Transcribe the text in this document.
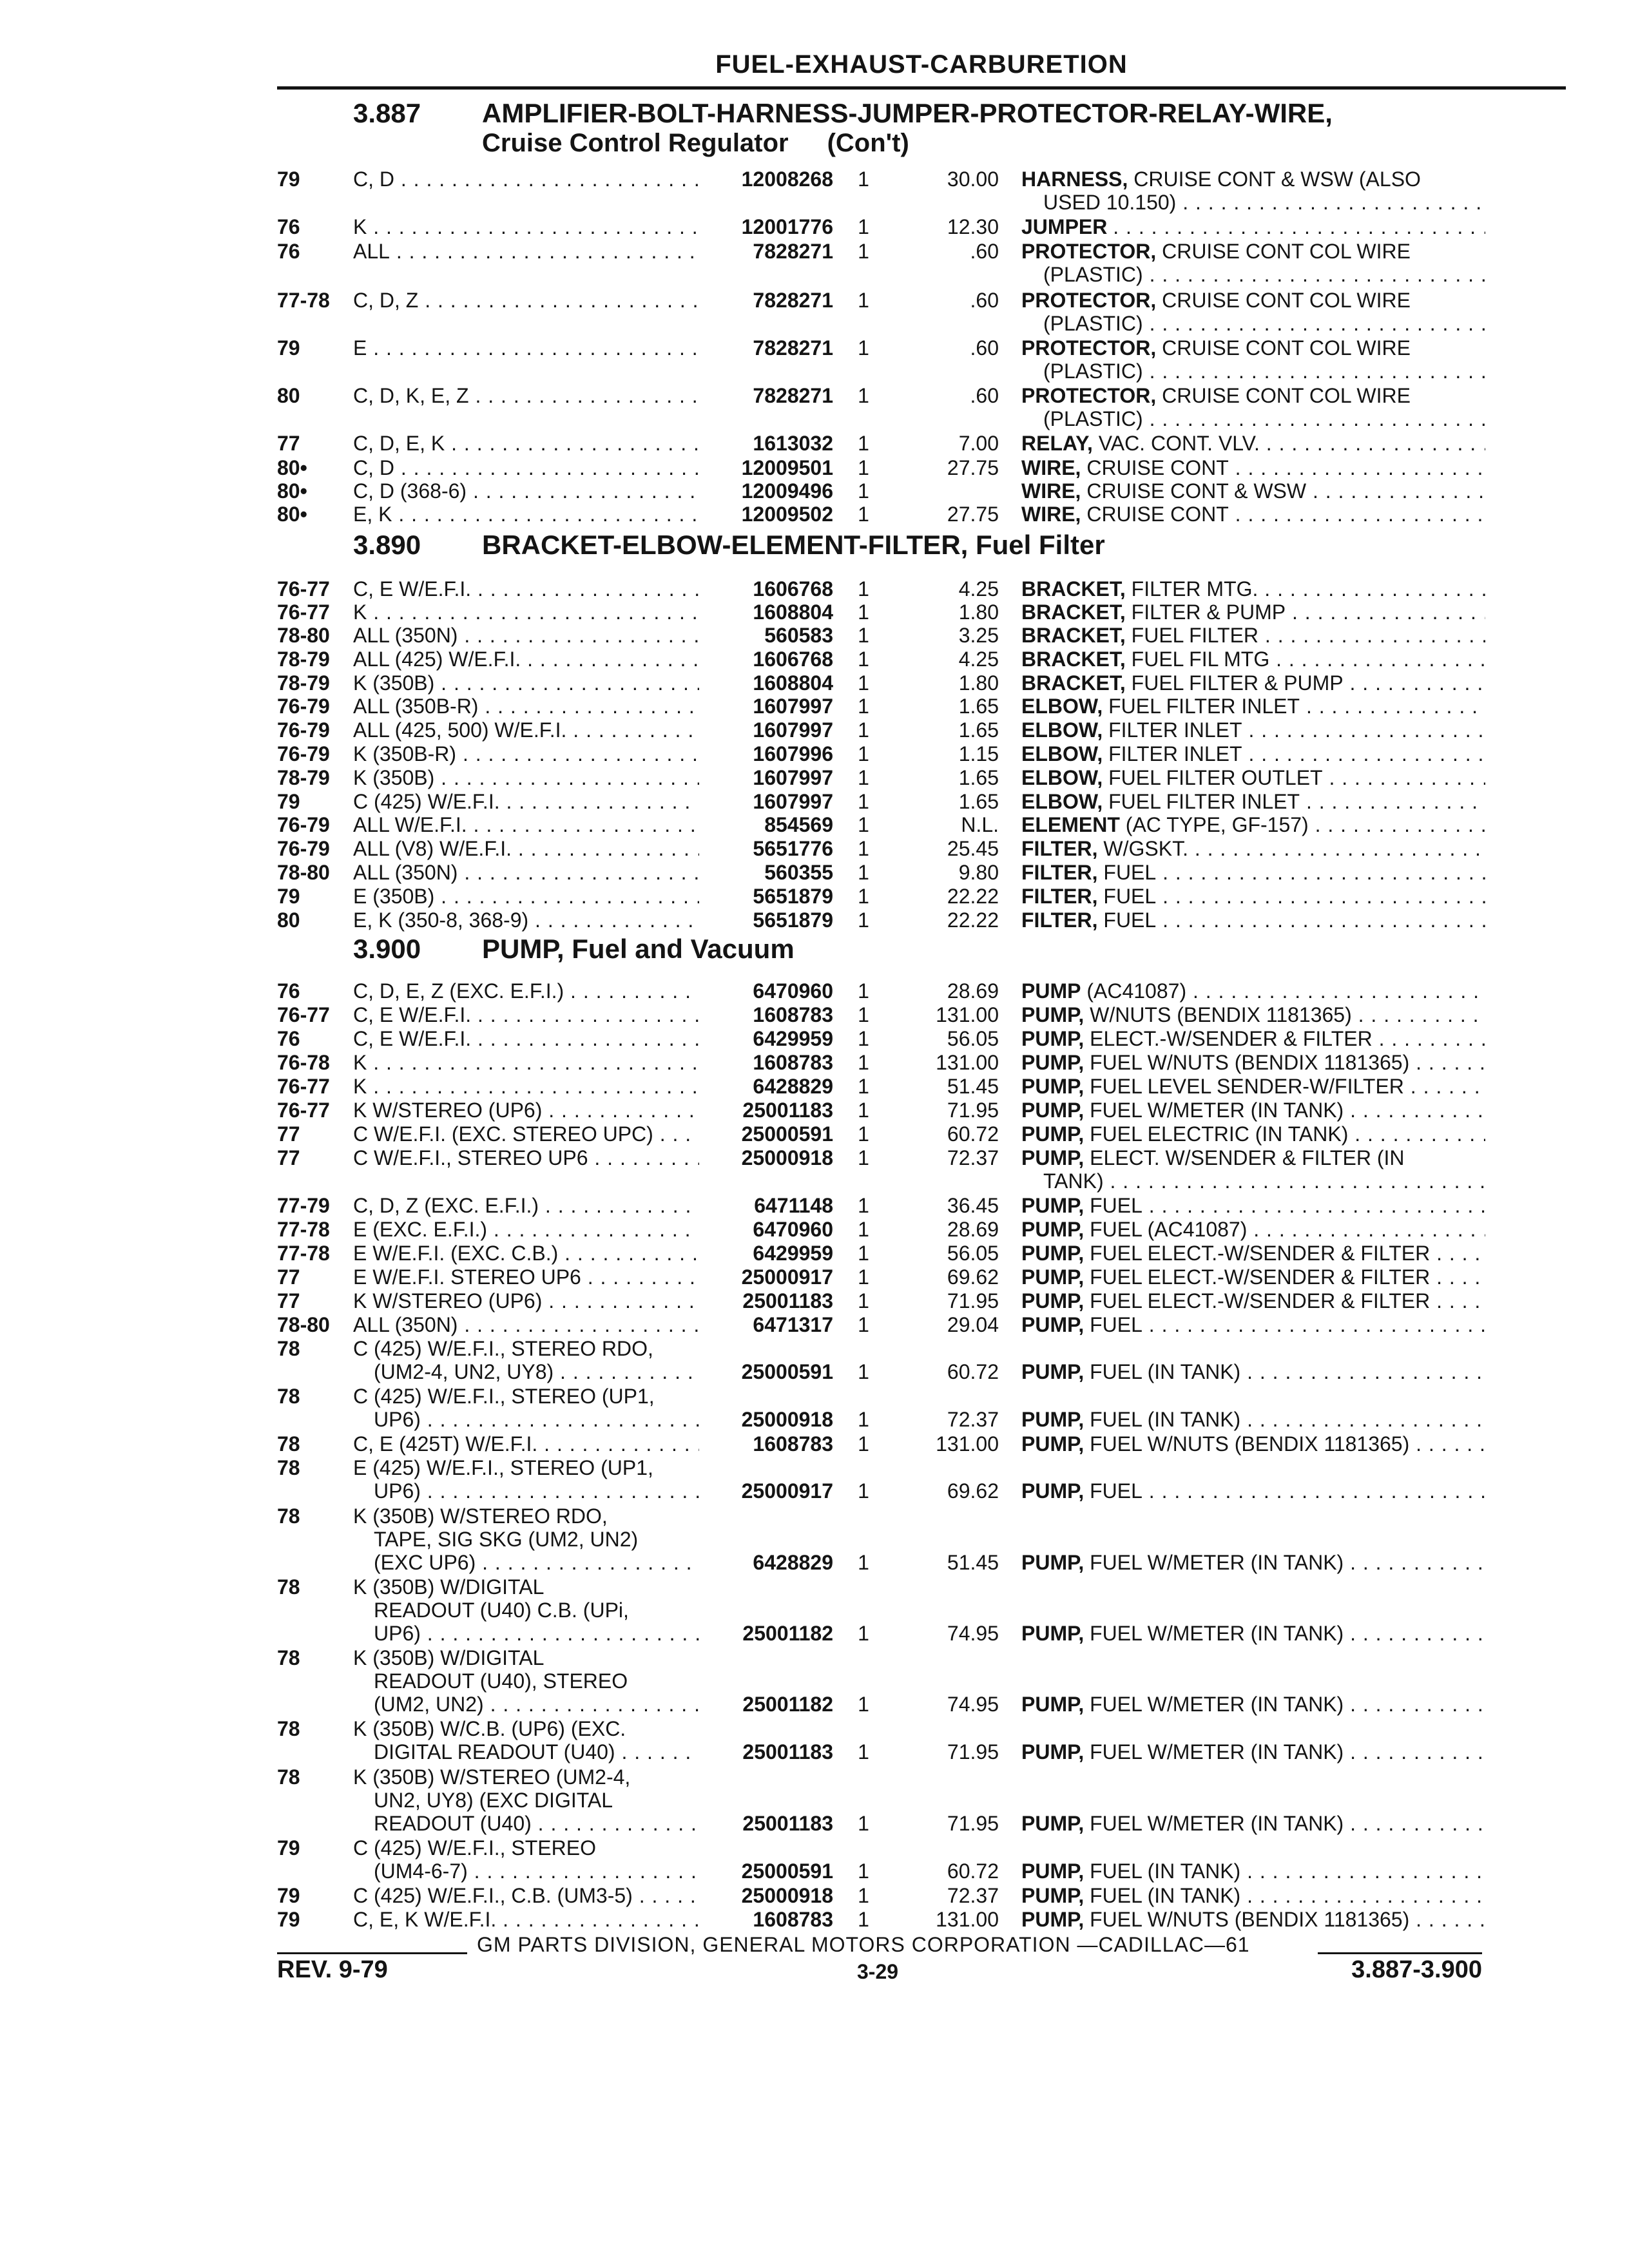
FUEL-EXHAUST-CARBURETION
3.887 AMPLIFIER-BOLT-HARNESS-JUMPER-PROTECTOR-RELAY-WIRE,
Cruise Control Regulator (Con't)
3.890 BRACKET-ELBOW-ELEMENT-FILTER, Fuel Filter
3.900 PUMP, Fuel and Vacuum
79	C, D . . .	12008268 1	30.00 HARNESS, CRUISE CONT & WSW (ALSO
USED 10.150) . . .
76	K . . .	12001776 1	12.30 JUMPER . . .
76	ALL . . .	7828271 1	.60 PROTECTOR, CRUISE CONT COL WIRE
(PLASTIC) . . .
77-78	C, D, Z . . .	7828271 1	.60 PROTECTOR, CRUISE CONT COL WIRE
(PLASTIC) . . .
79	E . . .	7828271 1	.60 PROTECTOR, CRUISE CONT COL WIRE
(PLASTIC) . . .
80	C, D, K, E, Z . . .	7828271 1	.60 PROTECTOR, CRUISE CONT COL WIRE
(PLASTIC) . . .
77	C, D, E, K . . .	1613032 1	7.00 RELAY, VAC. CONT. VLV. . . .
80•	C, D . . .	12009501 1	27.75 WIRE, CRUISE CONT . . .
80•	C, D (368-6) . . .	12009496 1	WIRE, CRUISE CONT & WSW . . .
80•	E, K . . .	12009502 1	27.75 WIRE, CRUISE CONT . . .
76-77	C, E W/E.F.I. . . .	1606768 1	4.25 BRACKET, FILTER MTG. . . .
76-77	K . . .	1608804 1	1.80 BRACKET, FILTER & PUMP . . .
78-80	ALL (350N) . . .	560583 1	3.25 BRACKET, FUEL FILTER . . .
78-79	ALL (425) W/E.F.I. . . .	1606768 1	4.25 BRACKET, FUEL FIL MTG . . .
78-79	K (350B) . . .	1608804 1	1.80 BRACKET, FUEL FILTER & PUMP . . .
76-79	ALL (350B-R) . . .	1607997 1	1.65 ELBOW, FUEL FILTER INLET . . .
76-79	ALL (425, 500) W/E.F.I. . . .	1607997 1	1.65 ELBOW, FILTER INLET . . .
76-79	K (350B-R) . . .	1607996 1	1.15 ELBOW, FILTER INLET . . .
78-79	K (350B) . . .	1607997 1	1.65 ELBOW, FUEL FILTER OUTLET . . .
79	C (425) W/E.F.I. . . .	1607997 1	1.65 ELBOW, FUEL FILTER INLET . . .
76-79	ALL W/E.F.I. . . .	854569 1	N.L. ELEMENT (AC TYPE, GF-157) . . .
76-79	ALL (V8) W/E.F.I. . . .	5651776 1	25.45 FILTER, W/GSKT. . . .
78-80	ALL (350N) . . .	560355 1	9.80 FILTER, FUEL . . .
79	E (350B) . . .	5651879 1	22.22 FILTER, FUEL . . .
80	E, K (350-8, 368-9) . . .	5651879 1	22.22 FILTER, FUEL . . .
76	C, D, E, Z (EXC. E.F.I.) . . .	6470960 1	28.69 PUMP (AC41087) . . .
76-77	C, E W/E.F.I. . . .	1608783 1	131.00 PUMP, W/NUTS (BENDIX 1181365) . . .
76	C, E W/E.F.I. . . .	6429959 1	56.05 PUMP, ELECT.-W/SENDER & FILTER . . .
76-78	K . . .	1608783 1	131.00 PUMP, FUEL W/NUTS (BENDIX 1181365) . . .
76-77	K . . .	6428829 1	51.45 PUMP, FUEL LEVEL SENDER-W/FILTER . . .
76-77	K W/STEREO (UP6) . . .	25001183 1	71.95 PUMP, FUEL W/METER (IN TANK) . . .
77	C W/E.F.I. (EXC. STEREO UPC) . . .	25000591 1	60.72 PUMP, FUEL ELECTRIC (IN TANK) . . .
77	C W/E.F.I., STEREO UP6 . . .	25000918 1	72.37 PUMP, ELECT. W/SENDER & FILTER (IN
TANK) . . .
77-79	C, D, Z (EXC. E.F.I.) . . .	6471148 1	36.45 PUMP, FUEL . . .
77-78	E (EXC. E.F.I.) . . .	6470960 1	28.69 PUMP, FUEL (AC41087) . . .
77-78	E W/E.F.I. (EXC. C.B.) . . .	6429959 1	56.05 PUMP, FUEL ELECT.-W/SENDER & FILTER . . .
77	E W/E.F.I. STEREO UP6 . . .	25000917 1	69.62 PUMP, FUEL ELECT.-W/SENDER & FILTER . . .
77	K W/STEREO (UP6) . . .	25001183 1	71.95 PUMP, FUEL ELECT.-W/SENDER & FILTER . . .
78-80	ALL (350N) . . .	6471317 1	29.04 PUMP, FUEL . . .
78	C (425) W/E.F.I., STEREO RDO,
(UM2-4, UN2, UY8) . . .	25000591 1	60.72 PUMP, FUEL (IN TANK) . . .
78	C (425) W/E.F.I., STEREO (UP1,
UP6) . . .	25000918 1	72.37 PUMP, FUEL (IN TANK) . . .
78	C, E (425T) W/E.F.I. . . .	1608783 1	131.00 PUMP, FUEL W/NUTS (BENDIX 1181365) . . .
78	E (425) W/E.F.I., STEREO (UP1,
UP6) . . .	25000917 1	69.62 PUMP, FUEL . . .
78	K (350B) W/STEREO RDO,
TAPE, SIG SKG (UM2, UN2)
(EXC UP6) . . .	6428829 1	51.45 PUMP, FUEL W/METER (IN TANK) . . .
78	K (350B) W/DIGITAL
READOUT (U40) C.B. (UPi,
UP6) . . .	25001182 1	74.95 PUMP, FUEL W/METER (IN TANK) . . .
78	K (350B) W/DIGITAL
READOUT (U40), STEREO
(UM2, UN2) . . .	25001182 1	74.95 PUMP, FUEL W/METER (IN TANK) . . .
78	K (350B) W/C.B. (UP6) (EXC.
DIGITAL READOUT (U40) . . .	25001183 1	71.95 PUMP, FUEL W/METER (IN TANK) . . .
78	K (350B) W/STEREO (UM2-4,
UN2, UY8) (EXC DIGITAL
READOUT (U40) . . .	25001183 1	71.95 PUMP, FUEL W/METER (IN TANK) . . .
79	C (425) W/E.F.I., STEREO
(UM4-6-7) . . .	25000591 1	60.72 PUMP, FUEL (IN TANK) . . .
79	C (425) W/E.F.I., C.B. (UM3-5) . . .	25000918 1	72.37 PUMP, FUEL (IN TANK) . . .
79	C, E, K W/E.F.I. . . .	1608783 1	131.00 PUMP, FUEL W/NUTS (BENDIX 1181365) . . .
GM PARTS DIVISION, GENERAL MOTORS CORPORATION —CADILLAC—61
REV. 9-79	3-29	3.887-3.900
